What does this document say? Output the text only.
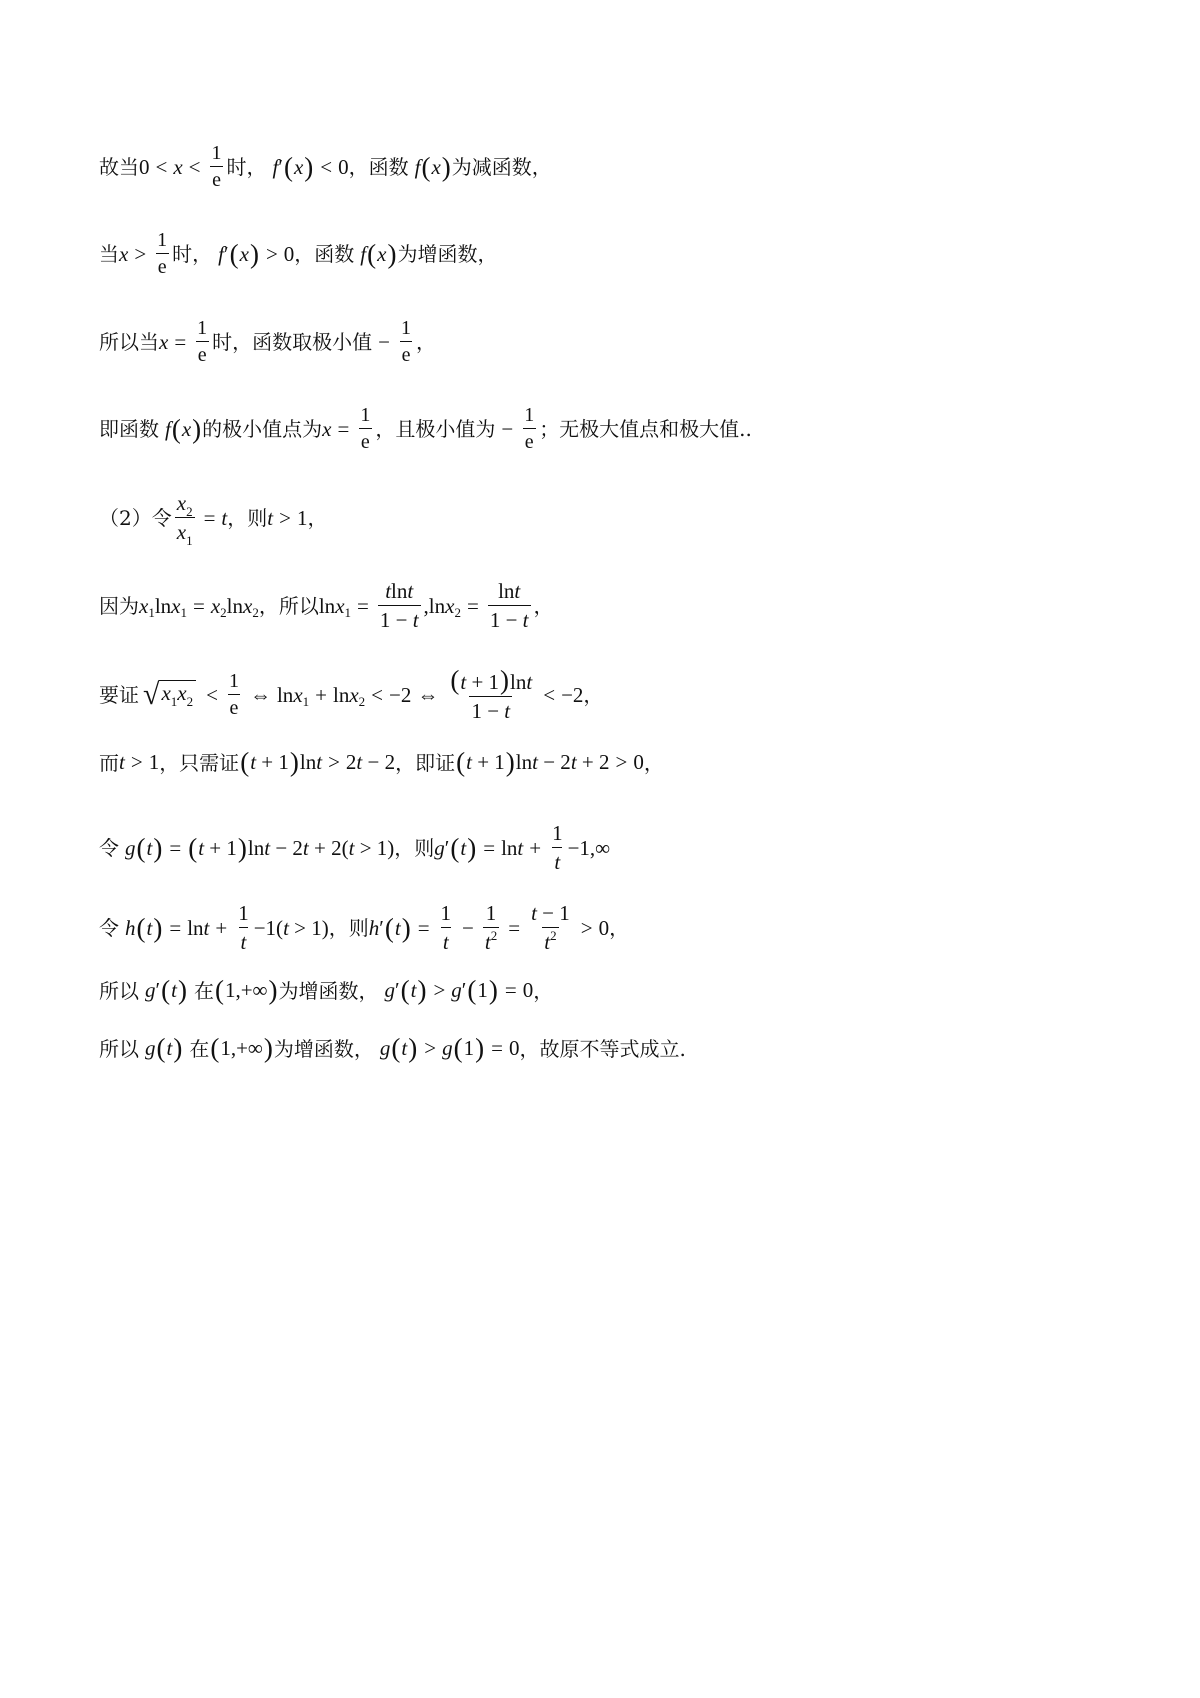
故当 $0 < x < \frac{1}{e}$ 时， f ′ ( x ) < 0 ，函数 f ( x ) 为减函数，
当 $x > \frac{1}{e}$ 时， f ′ ( x ) > 0 ，函数 f ( x ) 为增函数，
所以当 $x = \frac{1}{e}$ 时，函数取极小值 − $\frac{1}{e}$ ，
即函数 f ( x ) 的极小值点为 $x = \frac{1}{e}$ ，且极小值为 − $\frac{1}{e}$ ；无极大值点和极大值..
（2）令 $\frac{x_2}{x_1} = t$ ，则 t > 1 ，
因为 x 1 ln x 1 = x 2 ln x 2 ，所以 ln x $1 = \frac{tlnt}{1 - t}$ , ln x $2 = \frac{\ln t}{1 - t}$ ，
要证 √ $x_1x_2 < \frac{1}{e}$ ⇔ ln x 1 + ln x 2 < −2 ⇔ $\frac{(t + 1)\ln t}{1 - t} < -2$ ，
而 t > 1 ，只需证 ( t + 1 ) ln t > 2 t − 2 ，即证 ( t + 1 ) ln t − 2 t + 2 > 0 ，
令 g ( t ) = ( t + 1 ) ln t − 2 t + 2( t > 1) ，则 g ′ ( t ) = $\ln t + \frac{1}{t} -1,\infty$
令 h ( t ) = $\ln t + \frac{1}{t} -1$( t > 1) ，则 h ′ ( t ) = $\frac{1}{t} - \frac{1}{t^2} = \frac{t - 1}{t^2} > 0$ ，
所以 g ′ ( t ) 在 ( 1,+∞ ) 为增函数， g ′ ( t ) > g ′ ( 1 ) = 0 ，
所以 g ( t ) 在 ( 1,+∞ ) 为增函数， g ( t ) > g ( 1 ) = 0 ，故原不等式成立.
